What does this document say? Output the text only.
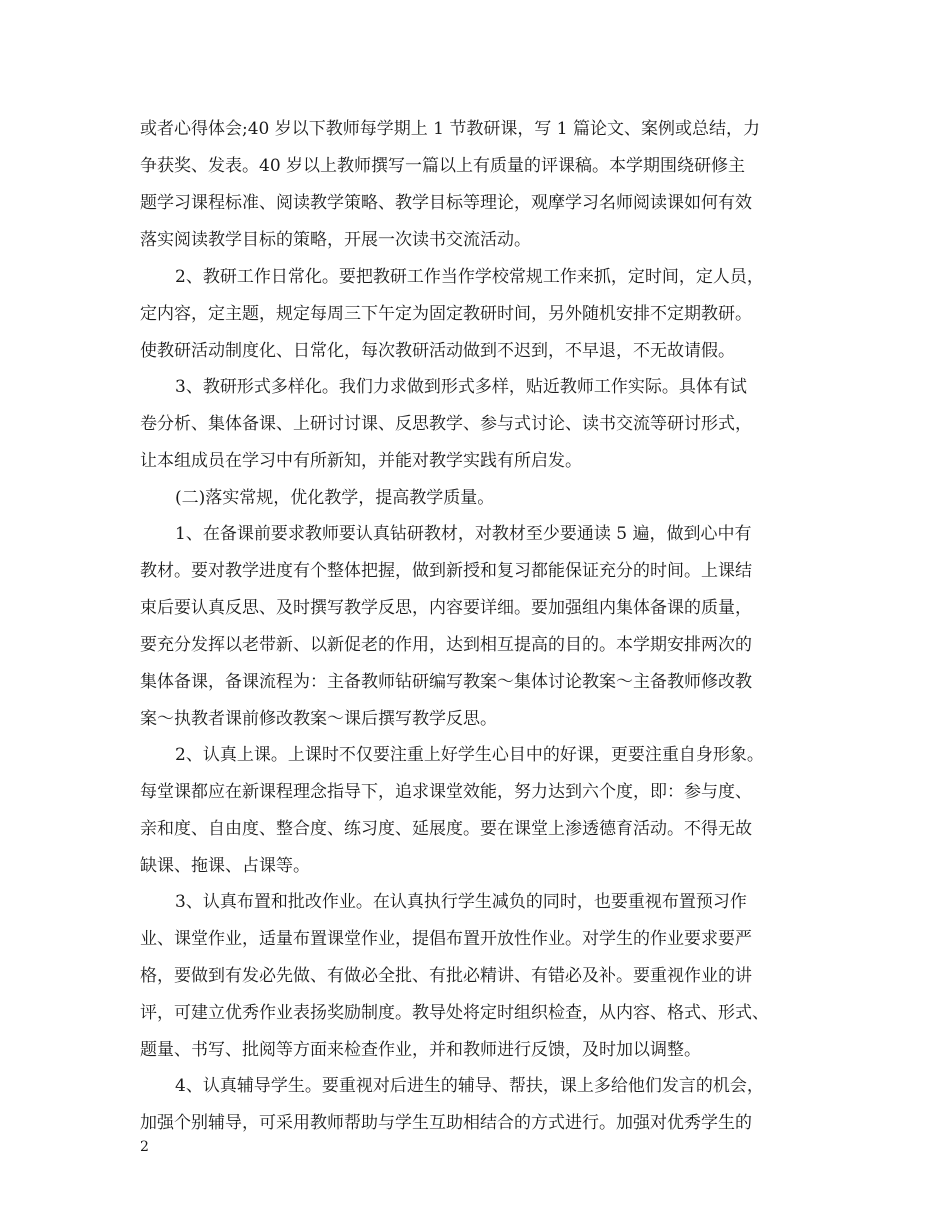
或者心得体会;40 岁以下教师每学期上 1 节教研课，写 1 篇论文、案例或总结，力
争获奖、发表。40 岁以上教师撰写一篇以上有质量的评课稿。本学期围绕研修主
题学习课程标准、阅读教学策略、教学目标等理论，观摩学习名师阅读课如何有效
落实阅读教学目标的策略，开展一次读书交流活动。
2、教研工作日常化。要把教研工作当作学校常规工作来抓，定时间，定人员，
定内容，定主题，规定每周三下午定为固定教研时间，另外随机安排不定期教研。
使教研活动制度化、日常化，每次教研活动做到不迟到，不早退，不无故请假。
3、教研形式多样化。我们力求做到形式多样，贴近教师工作实际。具体有试
卷分析、集体备课、上研讨讨课、反思教学、参与式讨论、读书交流等研讨形式，
让本组成员在学习中有所新知，并能对教学实践有所启发。
(二)落实常规，优化教学，提高教学质量。
1、在备课前要求教师要认真钻研教材，对教材至少要通读 5 遍，做到心中有
教材。要对教学进度有个整体把握，做到新授和复习都能保证充分的时间。上课结
束后要认真反思、及时撰写教学反思，内容要详细。要加强组内集体备课的质量，
要充分发挥以老带新、以新促老的作用，达到相互提高的目的。本学期安排两次的
集体备课，备课流程为：主备教师钻研编写教案～集体讨论教案～主备教师修改教
案～执教者课前修改教案～课后撰写教学反思。
2、认真上课。上课时不仅要注重上好学生心目中的好课，更要注重自身形象。
每堂课都应在新课程理念指导下，追求课堂效能，努力达到六个度，即：参与度、
亲和度、自由度、整合度、练习度、延展度。要在课堂上渗透德育活动。不得无故
缺课、拖课、占课等。
3、认真布置和批改作业。在认真执行学生减负的同时，也要重视布置预习作
业、课堂作业，适量布置课堂作业，提倡布置开放性作业。对学生的作业要求要严
格，要做到有发必先做、有做必全批、有批必精讲、有错必及补。要重视作业的讲
评，可建立优秀作业表扬奖励制度。教导处将定时组织检查，从内容、格式、形式、
题量、书写、批阅等方面来检查作业，并和教师进行反馈，及时加以调整。
4、认真辅导学生。要重视对后进生的辅导、帮扶，课上多给他们发言的机会，
加强个别辅导，可采用教师帮助与学生互助相结合的方式进行。加强对优秀学生的
2
